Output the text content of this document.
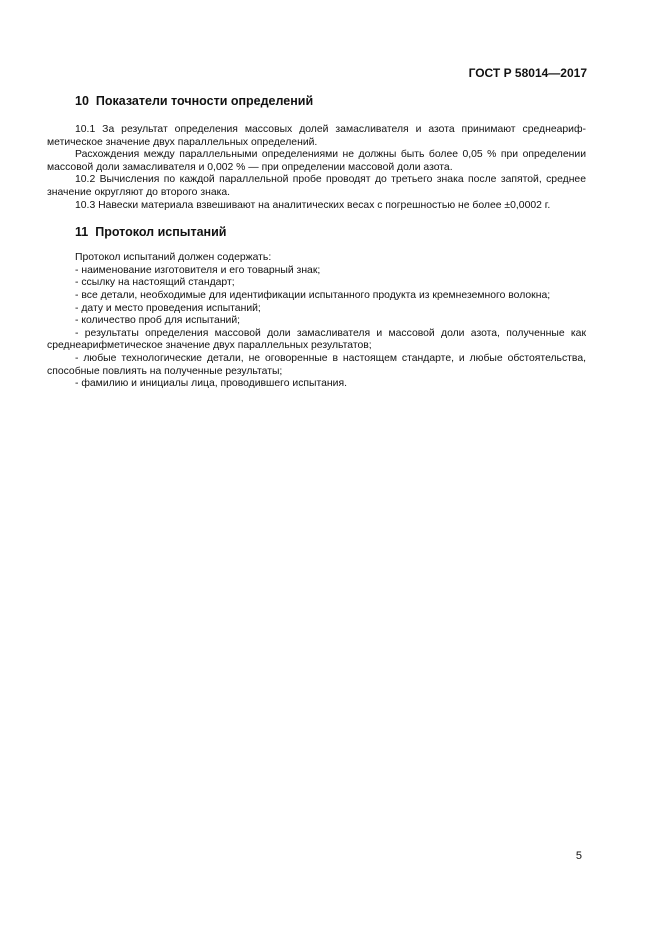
ГОСТ Р 58014—2017
10 Показатели точности определений

10.1 За результат определения массовых долей замасливателя и азота принимают среднеарифметическое значение двух параллельных определений.

Расхождения между параллельными определениями не должны быть более 0,05 % при определении массовой доли замасливателя и 0,002 % — при определении массовой доли азота.

10.2 Вычисления по каждой параллельной пробе проводят до третьего знака после запятой, среднее значение округляют до второго знака.

10.3 Навески материала взвешивают на аналитических весах с погрешностью не более ±0,0002 г.

11 Протокол испытаний

Протокол испытаний должен содержать:

- наименование изготовителя и его товарный знак;

- ссылку на настоящий стандарт;

- все детали, необходимые для идентификации испытанного продукта из кремнеземного волокна;

- дату и место проведения испытаний;

- количество проб для испытаний;

- результаты определения массовой доли замасливателя и массовой доли азота, полученные как среднеарифметическое значение двух параллельных результатов;

- любые технологические детали, не оговоренные в настоящем стандарте, и любые обстоятельства, способные повлиять на полученные результаты;

- фамилию и инициалы лица, проводившего испытания.

5
